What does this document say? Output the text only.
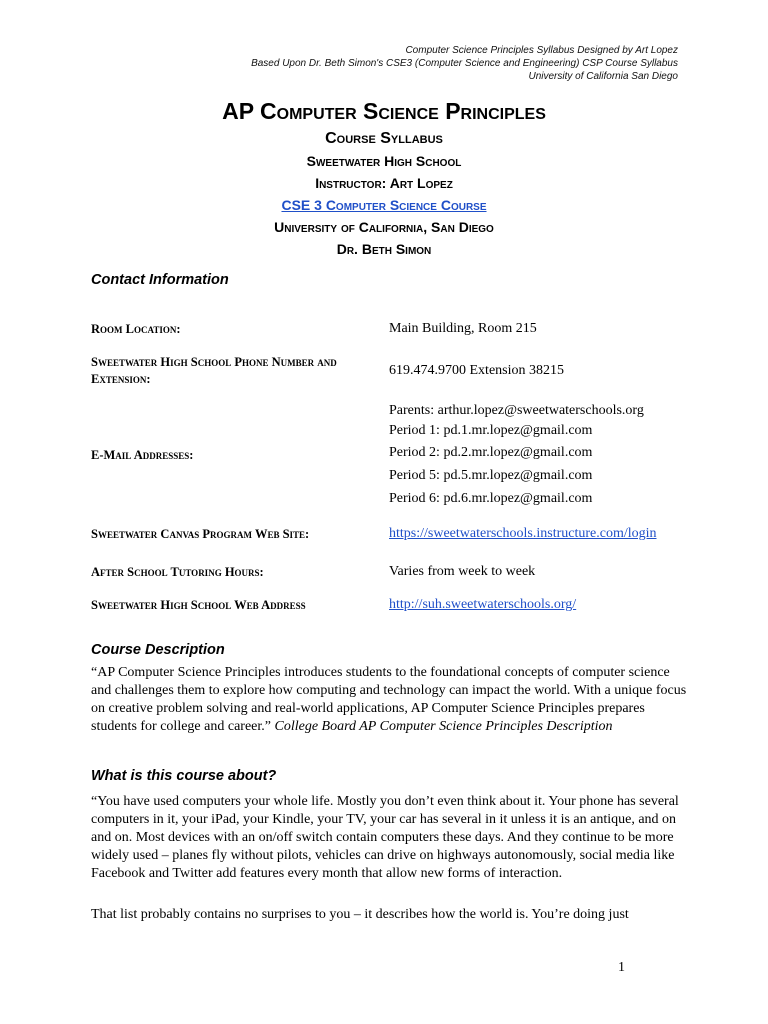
Computer Science Principles Syllabus Designed by Art Lopez
Based Upon Dr. Beth Simon's CSE3 (Computer Science and Engineering) CSP Course Syllabus
University of California San Diego
AP Computer Science Principles
Course Syllabus
Sweetwater High School
Instructor: Art Lopez
CSE 3 Computer Science Course
University of California, San Diego
Dr. Beth Simon
Contact Information
Room Location:	Main Building, Room 215
Sweetwater High School Phone Number and Extension:	619.474.9700 Extension 38215
E-Mail Addresses:	Parents: arthur.lopez@sweetwaterschools.org
Period 1: pd.1.mr.lopez@gmail.com
Period 2: pd.2.mr.lopez@gmail.com
Period 5: pd.5.mr.lopez@gmail.com
Period 6: pd.6.mr.lopez@gmail.com

Sweetwater Canvas Program Web Site:	https://sweetwaterschools.instructure.com/login
After School Tutoring Hours:	Varies from week to week
Sweetwater High School Web Address	http://suh.sweetwaterschools.org/
Course Description
“AP Computer Science Principles introduces students to the foundational concepts of computer science and challenges them to explore how computing and technology can impact the world. With a unique focus on creative problem solving and real-world applications, AP Computer Science Principles prepares students for college and career.” College Board AP Computer Science Principles Description
What is this course about?
“You have used computers your whole life. Mostly you don’t even think about it. Your phone has several computers in it, your iPad, your Kindle, your TV, your car has several in it unless it is an antique, and on and on. Most devices with an on/off switch contain computers these days. And they continue to be more widely used – planes fly without pilots, vehicles can drive on highways autonomously, social media like Facebook and Twitter add features every month that allow new forms of interaction.
That list probably contains no surprises to you – it describes how the world is. You’re doing just
1
